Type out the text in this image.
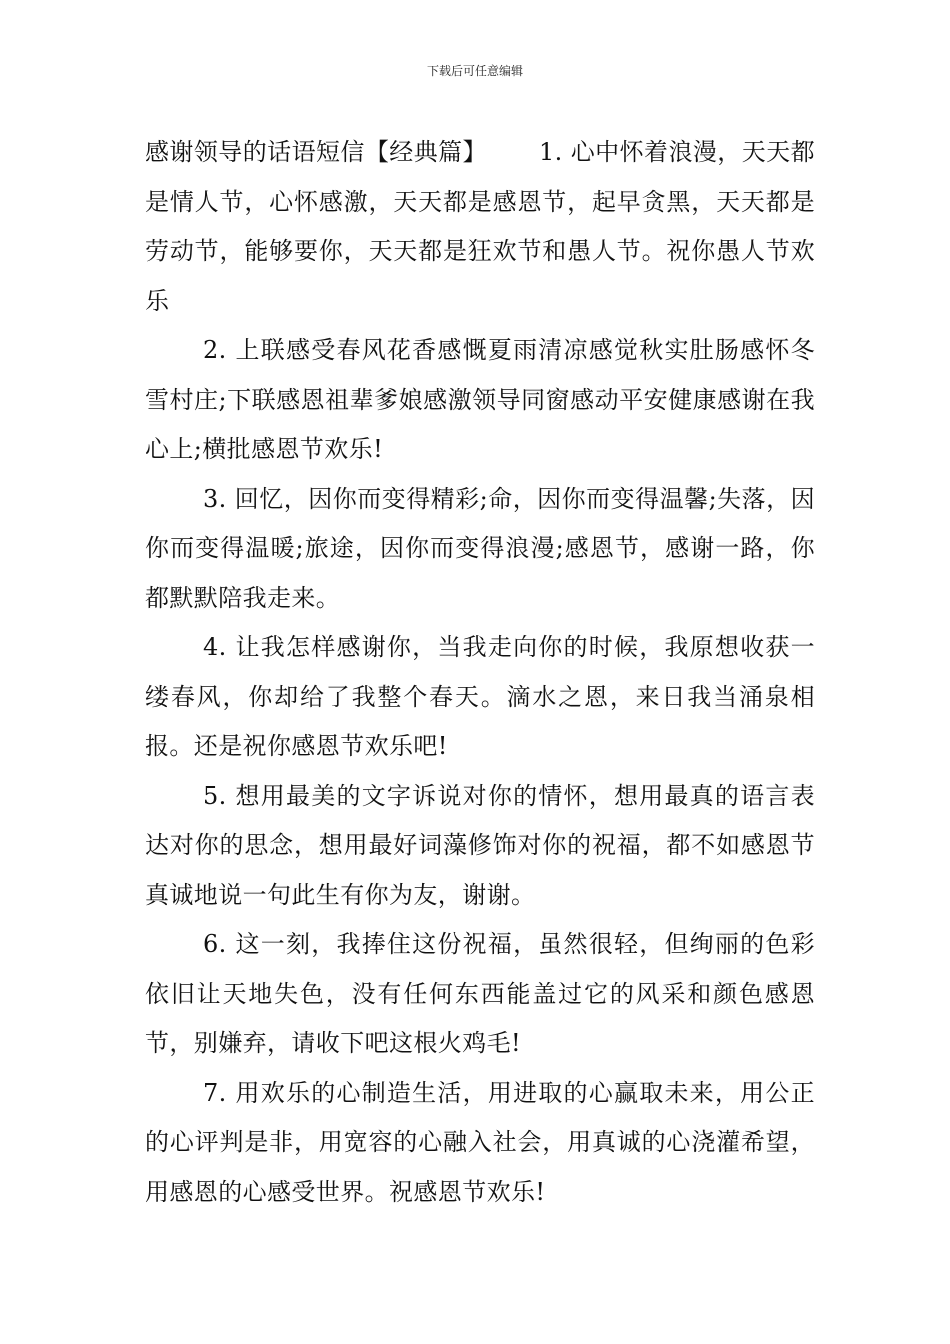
下载后可任意编辑

感谢领导的话语短信【经典篇】 1. 心中怀着浪漫，天天都是情人节，心怀感激，天天都是感恩节，起早贪黑，天天都是劳动节，能够要你，天天都是狂欢节和愚人节。祝你愚人节欢乐

2. 上联感受春风花香感慨夏雨清凉感觉秋实肚肠感怀冬雪村庄;下联感恩祖辈爹娘感激领导同窗感动平安健康感谢在我心上;横批感恩节欢乐!

3. 回忆，因你而变得精彩;命，因你而变得温馨;失落，因你而变得温暖;旅途，因你而变得浪漫;感恩节，感谢一路，你都默默陪我走来。

4. 让我怎样感谢你，当我走向你的时候，我原想收获一缕春风，你却给了我整个春天。滴水之恩，来日我当涌泉相报。还是祝你感恩节欢乐吧!

5. 想用最美的文字诉说对你的情怀，想用最真的语言表达对你的思念，想用最好词藻修饰对你的祝福，都不如感恩节真诚地说一句此生有你为友，谢谢。

6. 这一刻，我捧住这份祝福，虽然很轻，但绚丽的色彩依旧让天地失色，没有任何东西能盖过它的风采和颜色感恩节，别嫌弃，请收下吧这根火鸡毛!

7. 用欢乐的心制造生活，用进取的心赢取未来，用公正的心评判是非，用宽容的心融入社会，用真诚的心浇灌希望，用感恩的心感受世界。祝感恩节欢乐!
